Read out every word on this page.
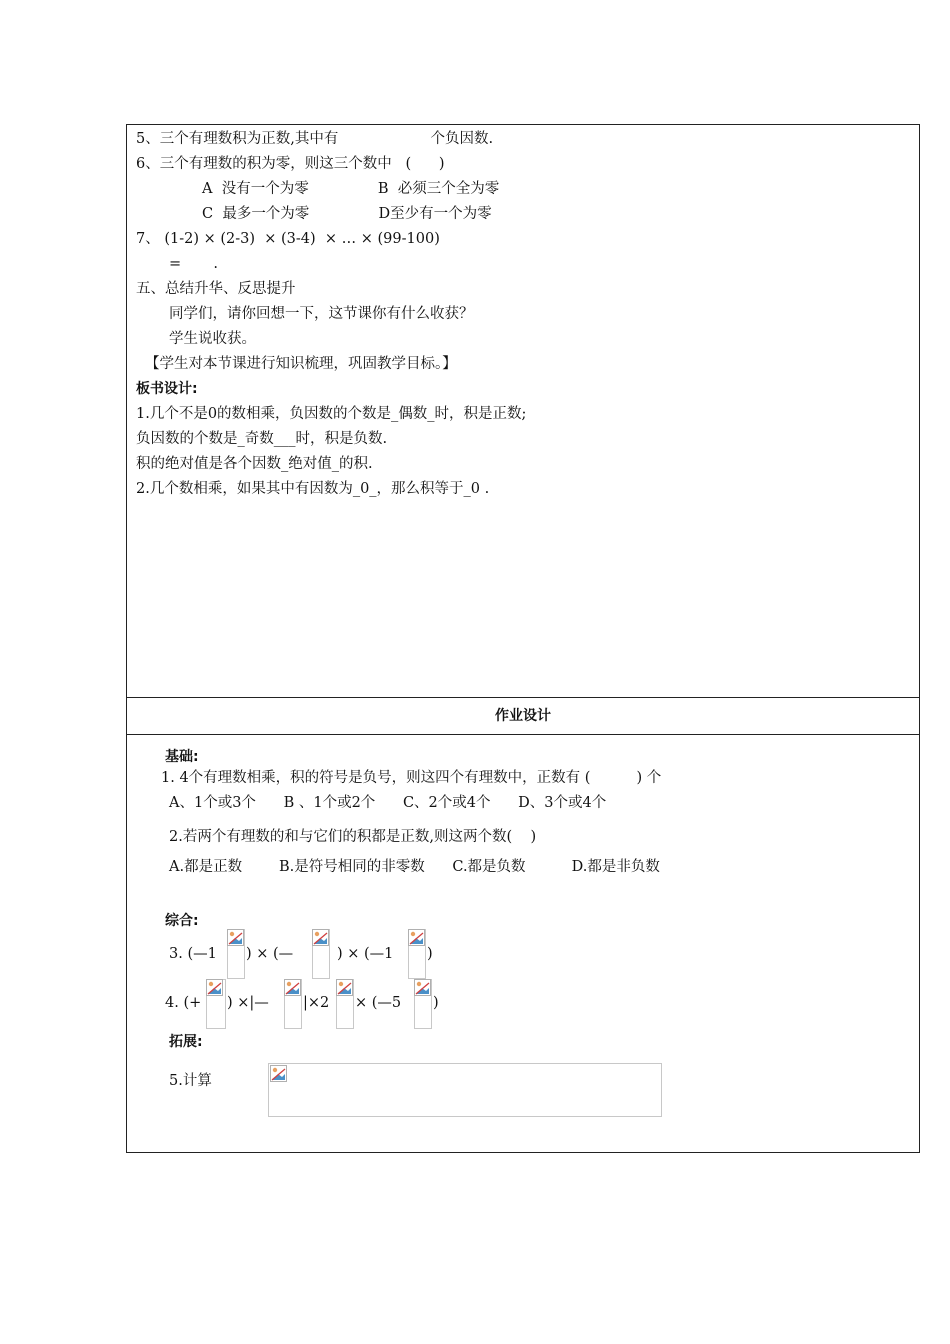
5、三个有理数积为正数,其中有                    个负因数.
6、三个有理数的积为零，则这三个数中   (      )
A  没有一个为零               B  必须三个全为零
C  最多一个为零               D至少有一个为零
7、 (1-2) × (2-3)  × (3-4)  × … × (99-100)
=       .
五、总结升华、反思提升
同学们，请你回想一下，这节课你有什么收获？
学生说收获。
【学生对本节课进行知识梳理，巩固教学目标。】
板书设计:
1.几个不是0的数相乘，负因数的个数是_偶数_时，积是正数;
负因数的个数是_奇数___时，积是负数.
积的绝对值是各个因数_绝对值_的积.
2.几个数相乘，如果其中有因数为_0_，那么积等于_0 .
作业设计
基础:
1. 4个有理数相乘，积的符号是负号，则这四个有理数中，正数有 (          ) 个
A、1个或3个      B 、1个或2个      C、2个或4个      D、3个或4个
2.若两个有理数的和与它们的积都是正数,则这两个数(    )
A.都是正数        B.是符号相同的非零数      C.都是负数          D.都是非负数
综合:
3. (—1 ) × (—	) × (—1 )
4. (+ ) ×|— |×2 × (—5 )
拓展:
5.计算
